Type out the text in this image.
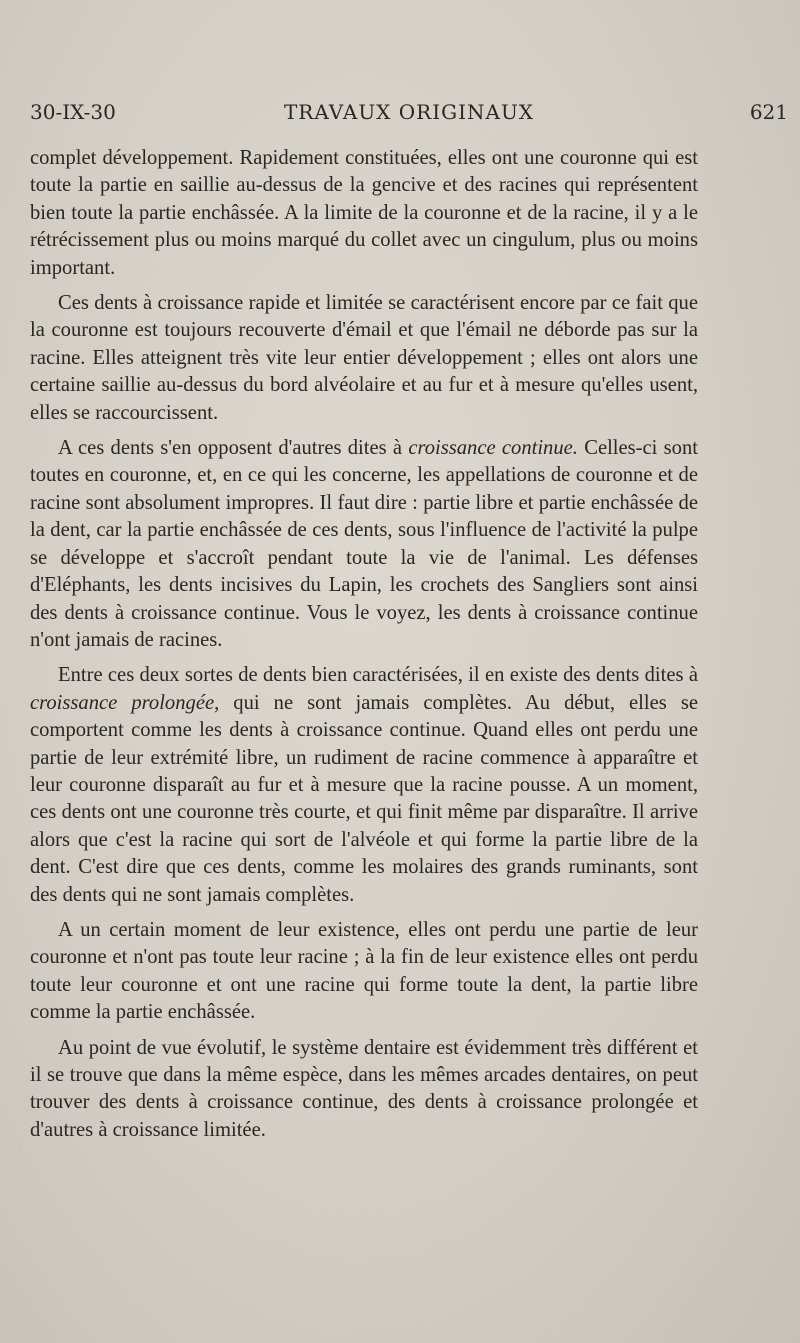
30-IX-30	TRAVAUX ORIGINAUX	621

complet développement. Rapidement constituées, elles ont une couronne qui est toute la partie en saillie au-dessus de la gencive et des racines qui représentent bien toute la partie enchâssée. A la limite de la couronne et de la racine, il y a le rétrécissement plus ou moins marqué du collet avec un cingulum, plus ou moins important.

Ces dents à croissance rapide et limitée se caractérisent encore par ce fait que la couronne est toujours recouverte d'émail et que l'émail ne déborde pas sur la racine. Elles atteignent très vite leur entier développement ; elles ont alors une certaine saillie au-dessus du bord alvéolaire et au fur et à mesure qu'elles usent, elles se raccourcissent.

A ces dents s'en opposent d'autres dites à croissance continue. Celles-ci sont toutes en couronne, et, en ce qui les concerne, les appellations de couronne et de racine sont absolument impropres. Il faut dire : partie libre et partie enchâssée de la dent, car la partie enchâssée de ces dents, sous l'influence de l'activité la pulpe se développe et s'accroît pendant toute la vie de l'animal. Les défenses d'Eléphants, les dents incisives du Lapin, les crochets des Sangliers sont ainsi des dents à croissance continue. Vous le voyez, les dents à croissance continue n'ont jamais de racines.

Entre ces deux sortes de dents bien caractérisées, il en existe des dents dites à croissance prolongée, qui ne sont jamais complètes. Au début, elles se comportent comme les dents à croissance continue. Quand elles ont perdu une partie de leur extrémité libre, un rudiment de racine commence à apparaître et leur couronne disparaît au fur et à mesure que la racine pousse. A un moment, ces dents ont une couronne très courte, et qui finit même par disparaître. Il arrive alors que c'est la racine qui sort de l'alvéole et qui forme la partie libre de la dent. C'est dire que ces dents, comme les molaires des grands ruminants, sont des dents qui ne sont jamais complètes.

A un certain moment de leur existence, elles ont perdu une partie de leur couronne et n'ont pas toute leur racine ; à la fin de leur existence elles ont perdu toute leur couronne et ont une racine qui forme toute la dent, la partie libre comme la partie enchâssée.

Au point de vue évolutif, le système dentaire est évidemment très différent et il se trouve que dans la même espèce, dans les mêmes arcades dentaires, on peut trouver des dents à croissance continue, des dents à croissance prolongée et d'autres à croissance limitée.
